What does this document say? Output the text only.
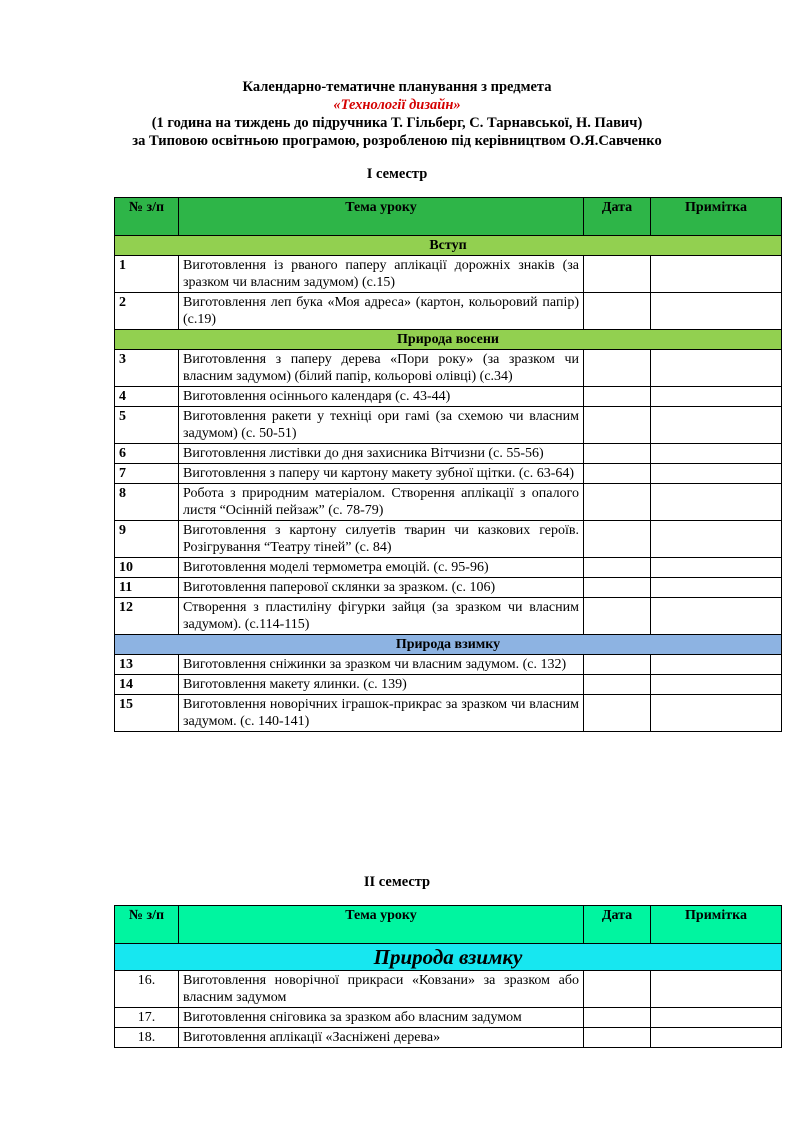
Календарно-тематичне планування з предмета
«Технології дизайн»
(1 година на тиждень до підручника Т. Гільберг, С. Тарнавської, Н. Павич)
за Типовою освітньою програмою, розробленою під керівництвом О.Я.Савченко
І семестр
№ з/п	Тема уроку	Дата	Примітка
Вступ			
1	Виготовлення із рваного паперу аплікації дорожніх знаків (за зразком чи власним задумом) (с.15)		
2	Виготовлення леп бука «Моя адреса» (картон, кольоровий папір) (с.19)		
Природа восени			
3	Виготовлення з паперу дерева «Пори року» (за зразком чи власним задумом) (білий папір, кольорові олівці) (с.34)		
4	Виготовлення осіннього календаря (с. 43-44)		
5	Виготовлення ракети у техніці ори гамі (за схемою чи власним задумом) (с. 50-51)		
6	Виготовлення листівки до дня захисника Вітчизни (с. 55-56)		
7	Виготовлення з паперу чи картону макету зубної щітки. (с. 63-64)		
8	Робота з природним матеріалом. Створення аплікації з опалого листя “Осінній пейзаж” (с. 78-79)		
9	Виготовлення з картону силуетів тварин чи казкових героїв. Розігрування “Театру тіней” (с. 84)		
10	Виготовлення моделі термометра емоцій. (с. 95-96)		
11	Виготовлення паперової склянки за зразком. (с. 106)		
12	Створення з пластиліну фігурки зайця (за зразком чи власним задумом). (с.114-115)		
Природа взимку			
13	Виготовлення сніжинки за зразком чи власним задумом. (с. 132)		
14	Виготовлення макету ялинки. (с. 139)		
15	Виготовлення новорічних іграшок-прикрас за зразком чи власним задумом. (с. 140-141)		
ІІ семестр
№ з/п	Тема уроку	Дата	Примітка
Природа взимку			
16.	Виготовлення новорічної прикраси «Ковзани» за зразком або власним задумом		
17.	Виготовлення сніговика за зразком або власним задумом		
18.	Виготовлення аплікації «Засніжені дерева»		
